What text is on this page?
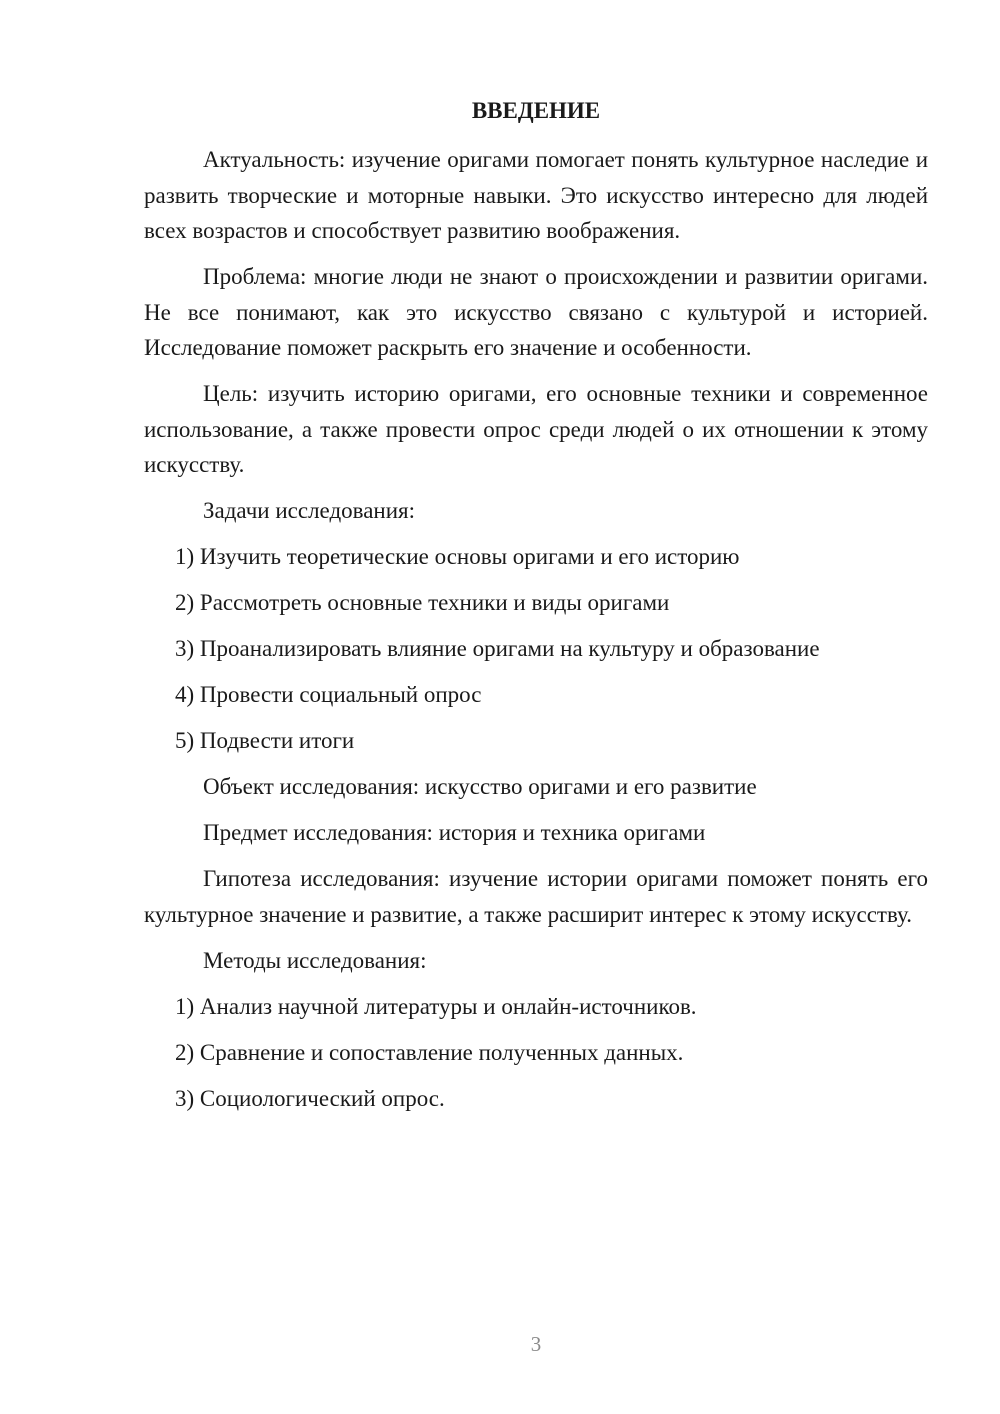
ВВЕДЕНИЕ

Актуальность: изучение оригами помогает понять культурное наследие и развить творческие и моторные навыки. Это искусство интересно для людей всех возрастов и способствует развитию воображения.

Проблема: многие люди не знают о происхождении и развитии оригами. Не все понимают, как это искусство связано с культурой и историей. Исследование поможет раскрыть его значение и особенности.

Цель: изучить историю оригами, его основные техники и современное использование, а также провести опрос среди людей о их отношении к этому искусству.

Задачи исследования:

1) Изучить теоретические основы оригами и его историю

2) Рассмотреть основные техники и виды оригами

3) Проанализировать влияние оригами на культуру и образование

4) Провести социальный опрос

5) Подвести итоги

Объект исследования: искусство оригами и его развитие

Предмет исследования: история и техника оригами

Гипотеза исследования: изучение истории оригами поможет понять его культурное значение и развитие, а также расширит интерес к этому искусству.

Методы исследования:

1) Анализ научной литературы и онлайн-источников.

2) Сравнение и сопоставление полученных данных.

3) Социологический опрос.

3
